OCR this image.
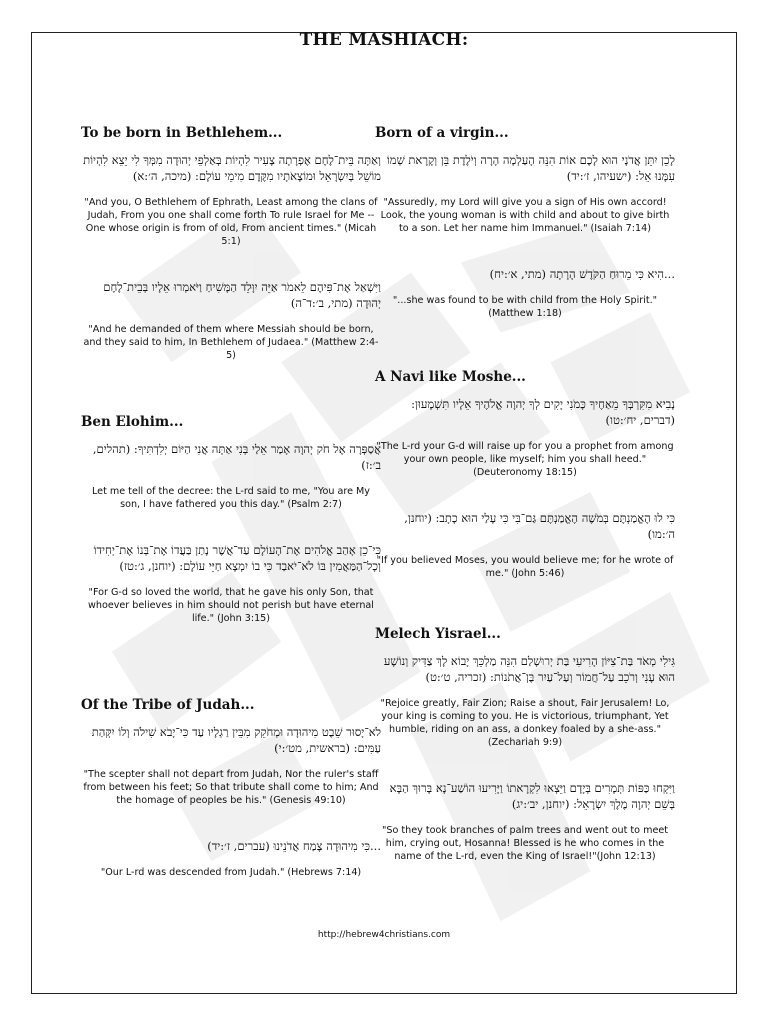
THE MASHIACH:
To be born in Bethlehem...
וְאַתָּה בֵּית־לֶחֶם אֶפְרָתָה צָעִיר לִהְיוֹת בְּאַלְפֵי יְהוּדָה מִמְּךָ לִי יֵצֵא לִהְיוֹת מוֹשֵׁל בְּיִשְׂרָאֵל וּמוֹצָאֹתָיו מִקֶּדֶם מִימֵי עוֹלָם: (מיכה, ה׳:א)
"And you, O Bethlehem of Ephrath, Least among the clans of Judah, From you one shall come forth To rule Israel for Me -- One whose origin is from of old, From ancient times." (Micah 5:1)
וַיִּשְׁאַל אֶת־פִּיהֶם לֵאמֹר אַיֵּה יִוָּלֵד הַמָּשִׁיחַ וַיֹּאמְרוּ אֵלָיו בְּבֵית־לֶחֶם יְהוּדָה (מתי, ב׳:ד־ה)
"And he demanded of them where Messiah should be born, and they said to him, In Bethlehem of Judaea." (Matthew 2:4-5)
Ben Elohim...
אֲסַפְּרָה אֶל חֹק יְהוָה אָמַר אֵלַי בְּנִי אַתָּה אֲנִי הַיּוֹם יְלִדְתִּיךָ: (תהלים, ב׳:ז)
Let me tell of the decree: the L-rd said to me, "You are My son, I have fathered you this day." (Psalm 2:7)
כִּי־כֵן אָהַב אֱלֹהִים אֶת־הָעוֹלָם עַד־אֲשֶׁר נָתַן בַּעֲדוֹ אֶת־בְּנוֹ אֶת־יְחִידוֹ וְכָל־הַמַּאֲמִין בּוֹ לֹא־יֹאבַד כִּי בוֹ יִמְצָא חַיֵּי עוֹלָם: (יוחנן, ג׳:טז)
"For G-d so loved the world, that he gave his only Son, that whoever believes in him should not perish but have eternal life." (John 3:15)
Of the Tribe of Judah...
לֹא־יָסוּר שֵׁבֶט מִיהוּדָה וּמְחֹקֵק מִבֵּין רַגְלָיו עַד כִּי־יָבֹא שִׁילֹה וְלוֹ יִקְּהַת עַמִּים: (בראשית, מט׳:י)
"The scepter shall not depart from Judah, Nor the ruler's staff from between his feet; So that tribute shall come to him; And the homage of peoples be his." (Genesis 49:10)
...כִּי מִיהוּדָה צָמַח אֲדֹנֵינוּ (עברים, ז׳:יד)
"Our L-rd was descended from Judah." (Hebrews 7:14)
Born of a virgin...
לָכֵן יִתֵּן אֲדֹנָי הוּא לָכֶם אוֹת הִנֵּה הָעַלְמָה הָרָה וְיֹלֶדֶת בֵּן וְקָרָאת שְׁמוֹ עִמָּנוּ אֵל: (ישעיהו, ז׳:יד)
"Assuredly, my Lord will give you a sign of His own accord! Look, the young woman is with child and about to give birth to a son. Let her name him Immanuel." (Isaiah 7:14)
...הִיא כִּי מֵרוּחַ הַקֹּדֶשׁ הָרָתָה (מתי, א׳:יח)
"...she was found to be with child from the Holy Spirit." (Matthew 1:18)
A Navi like Moshe...
נָבִיא מִקִּרְבְּךָ מֵאַחֶיךָ כָּמֹנִי יָקִים לְךָ יְהוָה אֱלֹהֶיךָ אֵלָיו תִּשְׁמָעוּן: (דברים, יח׳:טו)
"The L-rd your G-d will raise up for you a prophet from among your own people, like myself; him you shall heed." (Deuteronomy 18:15)
כִּי לוּ הֶאֱמַנְתֶּם בְּמֹשֶׁה הֶאֱמַנְתֶּם גַּם־בִּי כִּי עָלַי הוּא כָתָב: (יוחנן, ה׳:מו)
"If you believed Moses, you would believe me; for he wrote of me." (John 5:46)
Melech Yisrael...
גִּילִי מְאֹד בַּת־צִיּוֹן הָרִיעִי בַּת יְרוּשָׁלַם הִנֵּה מַלְכֵּךְ יָבוֹא לָךְ צַדִּיק וְנוֹשָׁע הוּא עָנִי וְרֹכֵב עַל־חֲמוֹר וְעַל־עַיִר בֶּן־אֲתֹנוֹת: (זכריה, ט׳:ט)
"Rejoice greatly, Fair Zion; Raise a shout, Fair Jerusalem! Lo, your king is coming to you. He is victorious, triumphant, Yet humble, riding on an ass, a donkey foaled by a she-ass." (Zechariah 9:9)
וַיִּקְחוּ כַּפּוֹת תְּמָרִים בְּיָדָם וַיֵּצְאוּ לִקְרָאתוֹ וַיָּרִיעוּ הוֹשַׁע־נָא בָּרוּךְ הַבָּא בְּשֵׁם יְהוָה מֶלֶךְ יִשְׂרָאֵל: (יוחנן, יב׳:יג)
"So they took branches of palm trees and went out to meet him, crying out, Hosanna! Blessed is he who comes in the name of the L-rd, even the King of Israel!"(John 12:13)
http://hebrew4christians.com
